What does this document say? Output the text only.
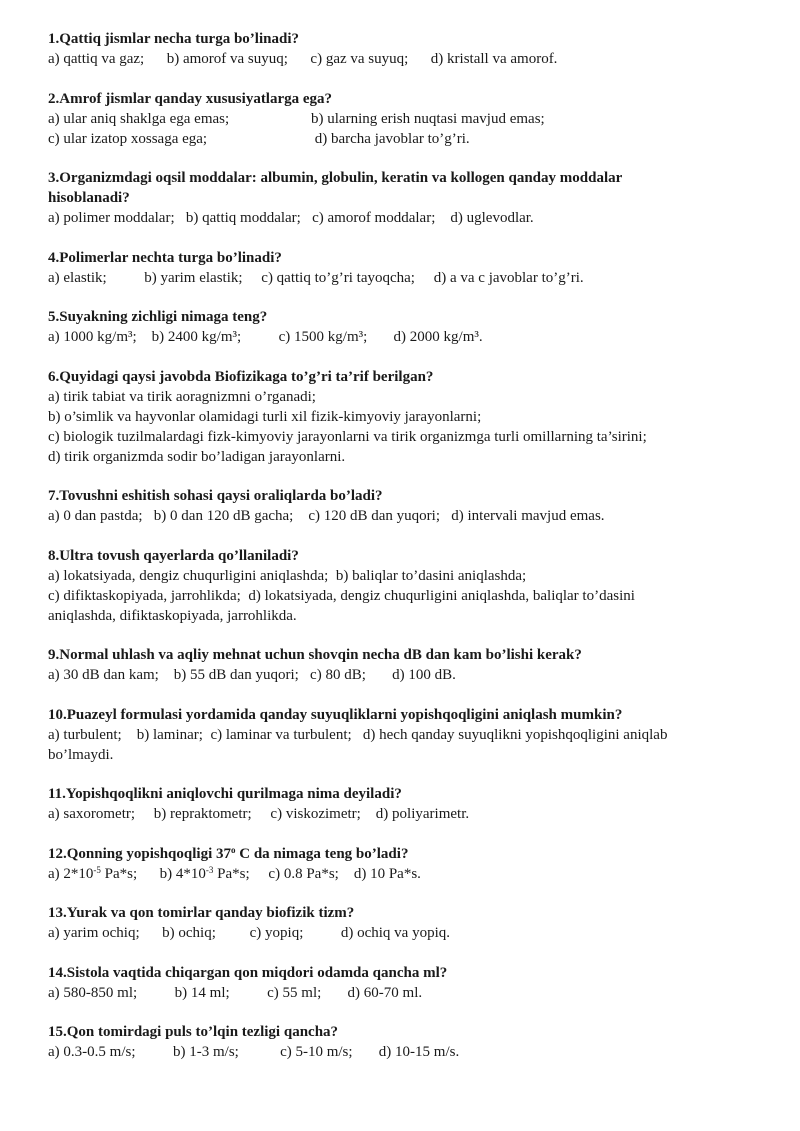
1.Qattiq jismlar necha turga bo’linadi?

a) qattiq va gaz;      b) amorof va suyuq;      c) gaz va suyuq;      d) kristall va amorof.

2.Amrof jismlar qanday xususiyatlarga ega?

a) ular aniq shaklga ega emas;	b) ularning erish nuqtasi mavjud emas;
c) ular izatop xossaga ega;	d) barcha javoblar to’g’ri.

3.Organizmdagi oqsil moddalar: albumin, globulin, keratin va kollogen qanday moddalar hisoblanadi?

a) polimer moddalar;   b) qattiq moddalar;   c) amorof moddalar;    d) uglevodlar.

4.Polimerlar nechta turga bo’linadi?

a) elastik;          b) yarim elastik;     c) qattiq to’g’ri tayoqcha;     d) a va c javoblar to’g’ri.

5.Suyakning zichligi nimaga teng?

a) 1000 kg/m³;    b) 2400 kg/m³;          c) 1500 kg/m³;       d) 2000 kg/m³.

6.Quyidagi qaysi javobda Biofizikaga to’g’ri ta’rif berilgan?

a) tirik tabiat va tirik aoragnizmni o’rganadi;

b) o’simlik va hayvonlar olamidagi turli xil fizik-kimyoviy jarayonlarni;

c) biologik tuzilmalardagi fizk-kimyoviy jarayonlarni va tirik organizmga turli omillarning ta’sirini;

d) tirik organizmda sodir bo’ladigan jarayonlarni.

7.Tovushni eshitish sohasi qaysi oraliqlarda bo’ladi?

a) 0 dan pastda;   b) 0 dan 120 dB gacha;    c) 120 dB dan yuqori;   d) intervali mavjud emas.

8.Ultra tovush qayerlarda qo’llaniladi?

a) lokatsiyada, dengiz chuqurligini aniqlashda;  b) baliqlar to’dasini aniqlashda;

c) difiktaskopiyada, jarrohlikda;  d) lokatsiyada, dengiz chuqurligini aniqlashda, baliqlar to’dasini

aniqlashda, difiktaskopiyada, jarrohlikda.

9.Normal uhlash va aqliy mehnat uchun shovqin necha dB dan kam bo’lishi kerak?

a) 30 dB dan kam;    b) 55 dB dan yuqori;   c) 80 dB;       d) 100 dB.

10.Puazeyl formulasi yordamida qanday suyuqliklarni yopishqoqligini aniqlash mumkin?

a) turbulent;    b) laminar;  c) laminar va turbulent;   d) hech qanday suyuqlikni yopishqoqligini aniqlab

bo’lmaydi.

11.Yopishqoqlikni aniqlovchi qurilmaga nima deyiladi?

a) saxorometr;     b) repraktometr;     c) viskozimetr;    d) poliyarimetr.

12.Qonning yopishqoqligi 37$^o$ C da nimaga teng bo’ladi?

a) $2*10^{-5}$ Pa*s;      b) $4*10^{-3}$ Pa*s;     c) 0.8 Pa*s;    d) 10 Pa*s.

13.Yurak va qon tomirlar qanday biofizik tizm?

a) yarim ochiq;      b) ochiq;         c) yopiq;          d) ochiq va yopiq.

14.Sistola vaqtida chiqargan qon miqdori odamda qancha ml?

a) 580-850 ml;          b) 14 ml;          c) 55 ml;       d) 60-70 ml.

15.Qon tomirdagi puls to’lqin tezligi qancha?

a) 0.3-0.5 m/s;          b) 1-3 m/s;           c) 5-10 m/s;       d) 10-15 m/s.
